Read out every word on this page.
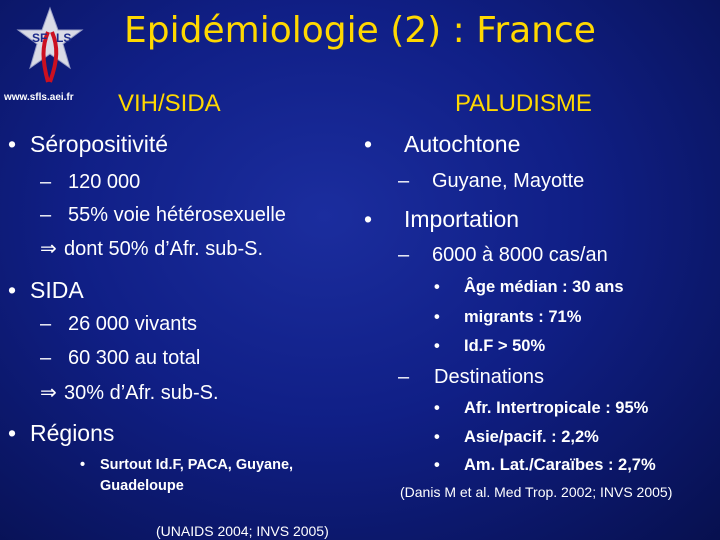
SF LS
www.sfls.aei.fr
Epidémiologie (2) : France
VIH/SIDA
• Séropositivité
– 120 000
– 55% voie hétérosexuelle
⇒ dont 50% d’Afr. sub-S.
• SIDA
– 26 000 vivants
– 60 300 au total
⇒ 30% d’Afr. sub-S.
• Régions
• Surtout Id.F, PACA, Guyane,
Guadeloupe
(UNAIDS 2004; INVS 2005)
PALUDISME
• Autochtone
– Guyane, Mayotte
• Importation
– 6000 à 8000 cas/an
• Âge médian : 30 ans
• migrants : 71%
• Id.F > 50%
– Destinations
• Afr. Intertropicale : 95%
• Asie/pacif. : 2,2%
• Am. Lat./Caraïbes : 2,7%
(Danis M et al. Med Trop. 2002; INVS 2005)
